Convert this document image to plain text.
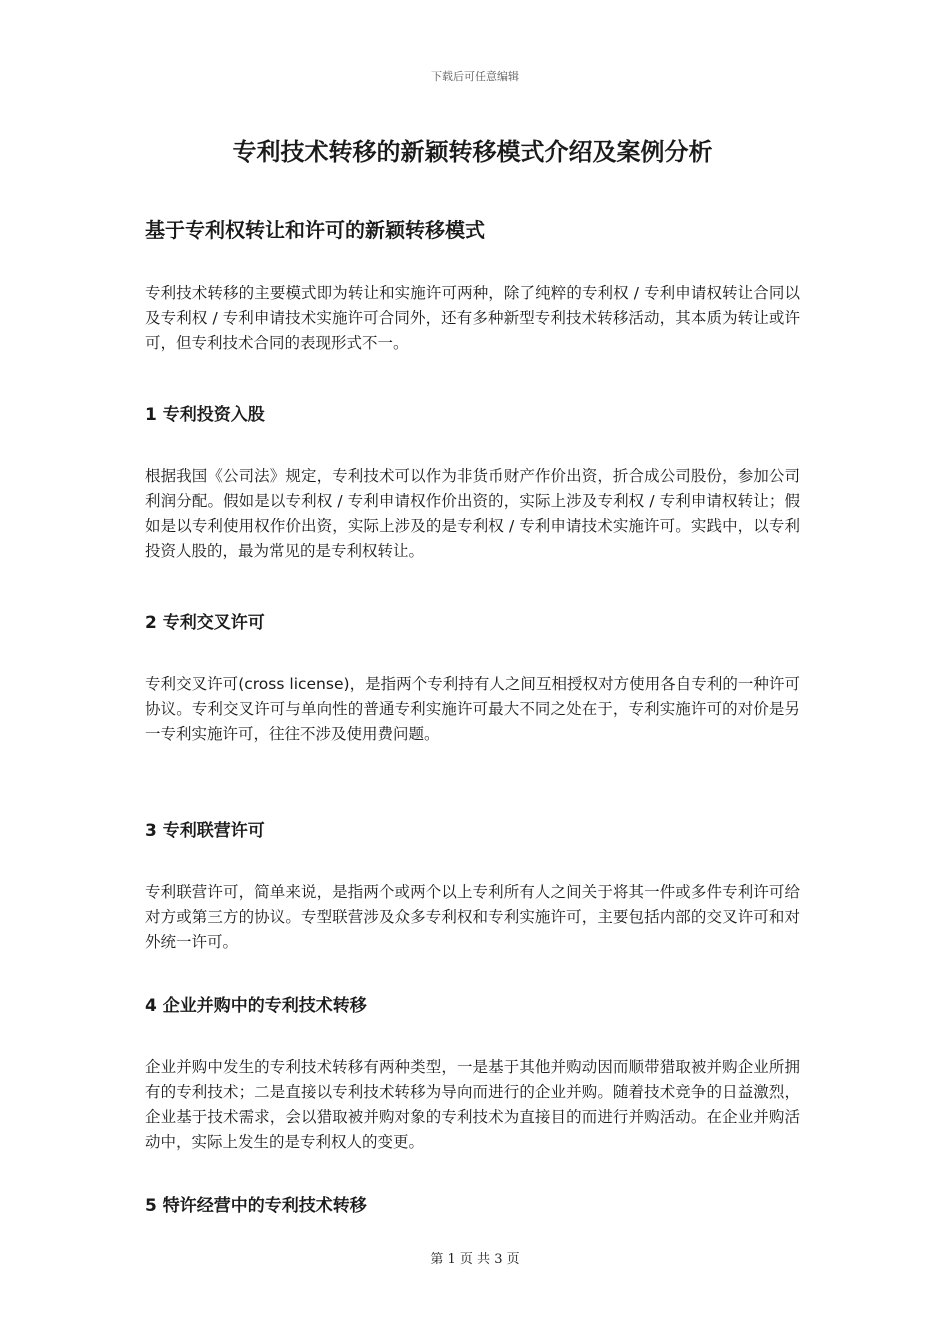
下载后可任意编辑
专利技术转移的新颖转移模式介绍及案例分析
基于专利权转让和许可的新颖转移模式

专利技术转移的主要模式即为转让和实施许可两种，除了纯粹的专利权 / 专利申请权转让合同以及专利权 / 专利申请技术实施许可合同外，还有多种新型专利技术转移活动，其本质为转让或许可，但专利技术合同的表现形式不一。

1 专利投资入股

根据我国《公司法》规定，专利技术可以作为非货币财产作价出资，折合成公司股份，参加公司利润分配。假如是以专利权 / 专利申请权作价出资的，实际上涉及专利权 / 专利申请权转让；假如是以专利使用权作价出资，实际上涉及的是专利权 / 专利申请技术实施许可。实践中，以专利投资人股的，最为常见的是专利权转让。

2 专利交叉许可

专利交叉许可(cross license)，是指两个专利持有人之间互相授权对方使用各自专利的一种许可协议。专利交叉许可与单向性的普通专利实施许可最大不同之处在于，专利实施许可的对价是另一专利实施许可，往往不涉及使用费问题。

3 专利联营许可

专利联营许可，简单来说，是指两个或两个以上专利所有人之间关于将其一件或多件专利许可给对方或第三方的协议。专型联营涉及众多专利权和专利实施许可，主要包括内部的交叉许可和对外统一许可。

4 企业并购中的专利技术转移

企业并购中发生的专利技术转移有两种类型，一是基于其他并购动因而顺带猎取被并购企业所拥有的专利技术；二是直接以专利技术转移为导向而进行的企业并购。随着技术竞争的日益激烈，企业基于技术需求，会以猎取被并购对象的专利技术为直接目的而进行并购活动。在企业并购活动中，实际上发生的是专利权人的变更。

5 特许经营中的专利技术转移
第 1 页 共 3 页
